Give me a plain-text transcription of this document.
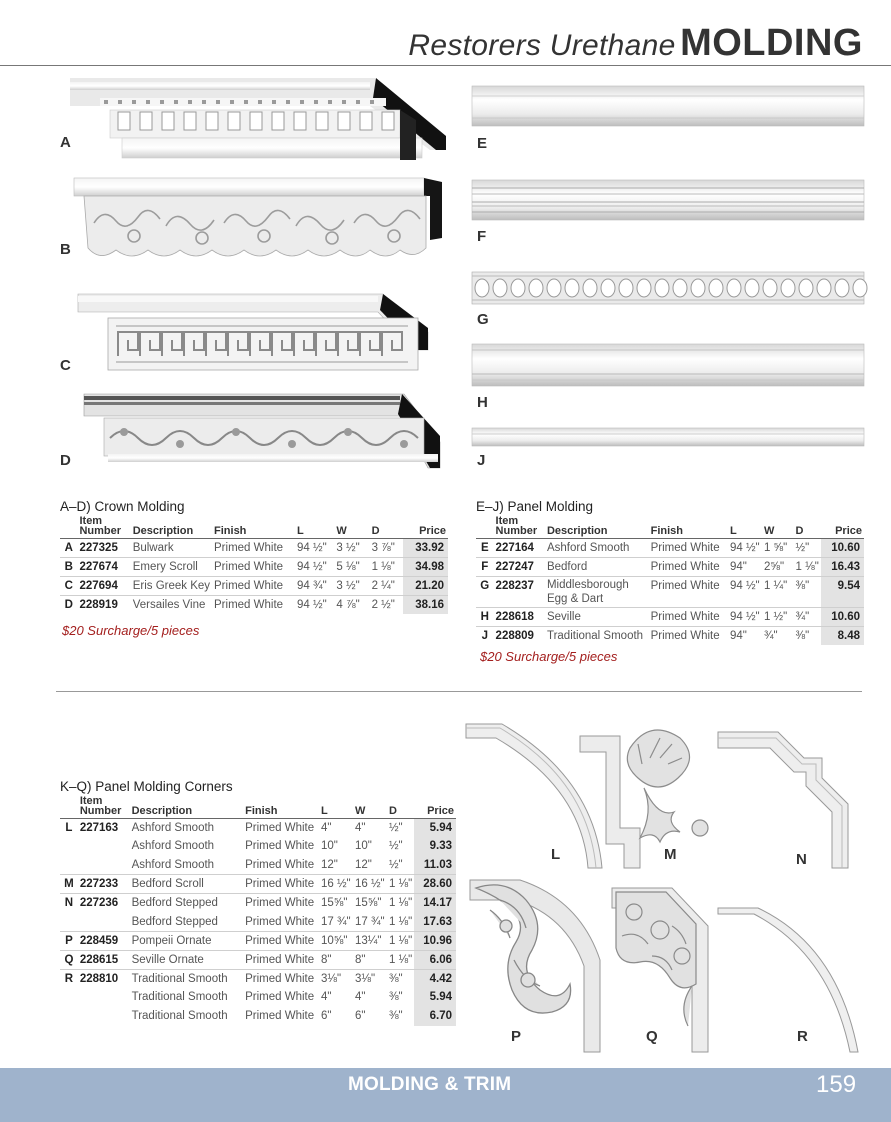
Restorers Urethane MOLDING
A
B
C
D
E
F
G
H
J
A–D) Crown Molding
	Item
Number	Description	Finish	L	W	D	Price
A	227325	Bulwark	Primed White	94 ½"	3 ½"	3 ⅞"	33.92
B	227674	Emery Scroll	Primed White	94 ½"	5 ⅛"	1 ⅛"	34.98
C	227694	Eris Greek Key	Primed White	94 ¾"	3 ½"	2 ¼"	21.20
D	228919	Versailes Vine	Primed White	94 ½"	4 ⅞"	2 ½"	38.16
$20 Surcharge/5 pieces
E–J) Panel Molding
	Item
Number	Description	Finish	L	W	D	Price
E	227164	Ashford Smooth	Primed White	94 ½"	1 ⅝"	½"	10.60
F	227247	Bedford	Primed White	94"	2⅝"	1 ⅛"	16.43
G	228237	Middlesborough
Egg & Dart	Primed White	94 ½"	1 ¼"	⅜"	9.54
H	228618	Seville	Primed White	94 ½"	1 ½"	¾"	10.60
J	228809	Traditional Smooth	Primed White	94"	¾"	⅜"	8.48
$20 Surcharge/5 pieces
K–Q) Panel Molding Corners
	Item
Number	Description	Finish	L	W	D	Price
L	227163	Ashford Smooth	Primed White	4"	4"	½"	5.94
		Ashford Smooth	Primed White	10"	10"	½"	9.33
		Ashford Smooth	Primed White	12"	12"	½"	11.03
M	227233	Bedford Scroll	Primed White	16 ½"	16 ½"	1 ⅛"	28.60
N	227236	Bedford Stepped	Primed White	15⅝"	15⅝"	1 ⅛"	14.17
		Bedford Stepped	Primed White	17 ¾"	17 ¾"	1 ⅛"	17.63
P	228459	Pompeii Ornate	Primed White	10⅝"	13¼"	1 ⅛"	10.96
Q	228615	Seville Ornate	Primed White	8"	8"	1 ⅛"	6.06
R	228810	Traditional Smooth	Primed White	3⅛"	3⅛"	⅜"	4.42
		Traditional Smooth	Primed White	4"	4"	⅜"	5.94
		Traditional Smooth	Primed White	6"	6"	⅜"	6.70
L	M	N
P	Q	R
MOLDING & TRIM	159
